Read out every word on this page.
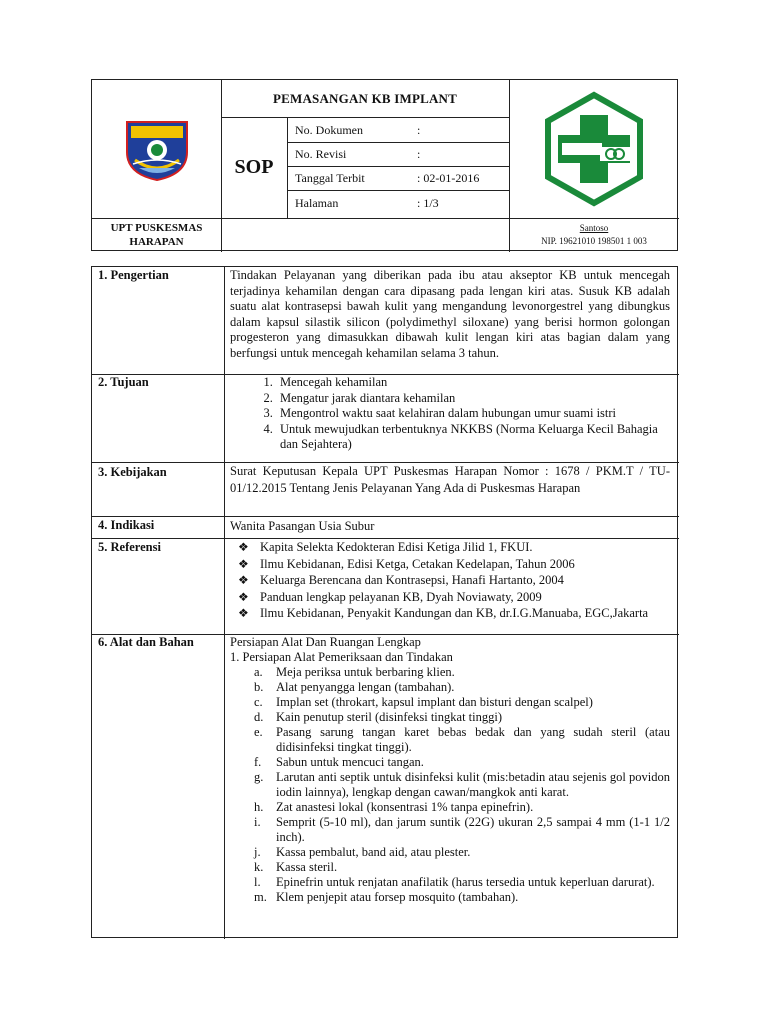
PEMASANGAN KB IMPLANT
SOP
No. Dokumen	:
No. Revisi	:
Tanggal Terbit	: 02-01-2016
Halaman	: 1/3
UPT PUSKESMAS
HARAPAN
Santoso
NIP. 19621010 198501 1 003
1. Pengertian	Tindakan Pelayanan yang diberikan pada ibu atau akseptor KB untuk mencegah terjadinya kehamilan dengan cara dipasang pada lengan kiri atas. Susuk KB adalah suatu alat kontrasepsi bawah kulit yang mengandung levonorgestrel yang dibungkus dalam kapsul silastik silicon (polydimethyl siloxane) yang berisi hormon golongan progesteron yang dimasukkan dibawah kulit lengan kiri atas bagian dalam yang berfungsi untuk mencegah kehamilan selama 3 tahun.
2. Tujuan	1. Mencegah kehamilan
2. Mengatur jarak diantara kehamilan
3. Mengontrol waktu saat kelahiran dalam hubungan umur suami istri
4. Untuk mewujudkan terbentuknya NKKBS (Norma Keluarga Kecil Bahagia dan Sejahtera)
3. Kebijakan	Surat Keputusan Kepala UPT Puskesmas Harapan Nomor : 1678 / PKM.T / TU-01/12.2015 Tentang Jenis Pelayanan Yang Ada di Puskesmas Harapan
4. Indikasi	Wanita Pasangan Usia Subur
5. Referensi	❖ Kapita Selekta Kedokteran Edisi Ketiga Jilid 1, FKUI.
❖ Ilmu Kebidanan, Edisi Ketga, Cetakan Kedelapan, Tahun 2006
❖ Keluarga Berencana dan Kontrasepsi, Hanafi Hartanto, 2004
❖ Panduan lengkap pelayanan KB, Dyah Noviawaty, 2009
❖ Ilmu Kebidanan, Penyakit Kandungan dan KB, dr.I.G.Manuaba, EGC,Jakarta
6. Alat dan Bahan	Persiapan Alat Dan Ruangan Lengkap
1. Persiapan Alat Pemeriksaan dan Tindakan
a. Meja periksa untuk berbaring klien.
b. Alat penyangga lengan (tambahan).
c. Implan set (throkart, kapsul implant dan bisturi dengan scalpel)
d. Kain penutup steril (disinfeksi tingkat tinggi)
e. Pasang sarung tangan karet bebas bedak dan yang sudah steril (atau didisinfeksi tingkat tinggi).
f. Sabun untuk mencuci tangan.
g. Larutan anti septik untuk disinfeksi kulit (mis:betadin atau sejenis gol povidon iodin lainnya), lengkap dengan cawan/mangkok anti karat.
h. Zat anastesi lokal (konsentrasi 1% tanpa epinefrin).
i. Semprit (5-10 ml), dan jarum suntik (22G) ukuran 2,5 sampai 4 mm (1-1 1/2 inch).
j. Kassa pembalut, band aid, atau plester.
k. Kassa steril.
l. Epinefrin untuk renjatan anafilatik (harus tersedia untuk keperluan darurat).
m. Klem penjepit atau forsep mosquito (tambahan).
